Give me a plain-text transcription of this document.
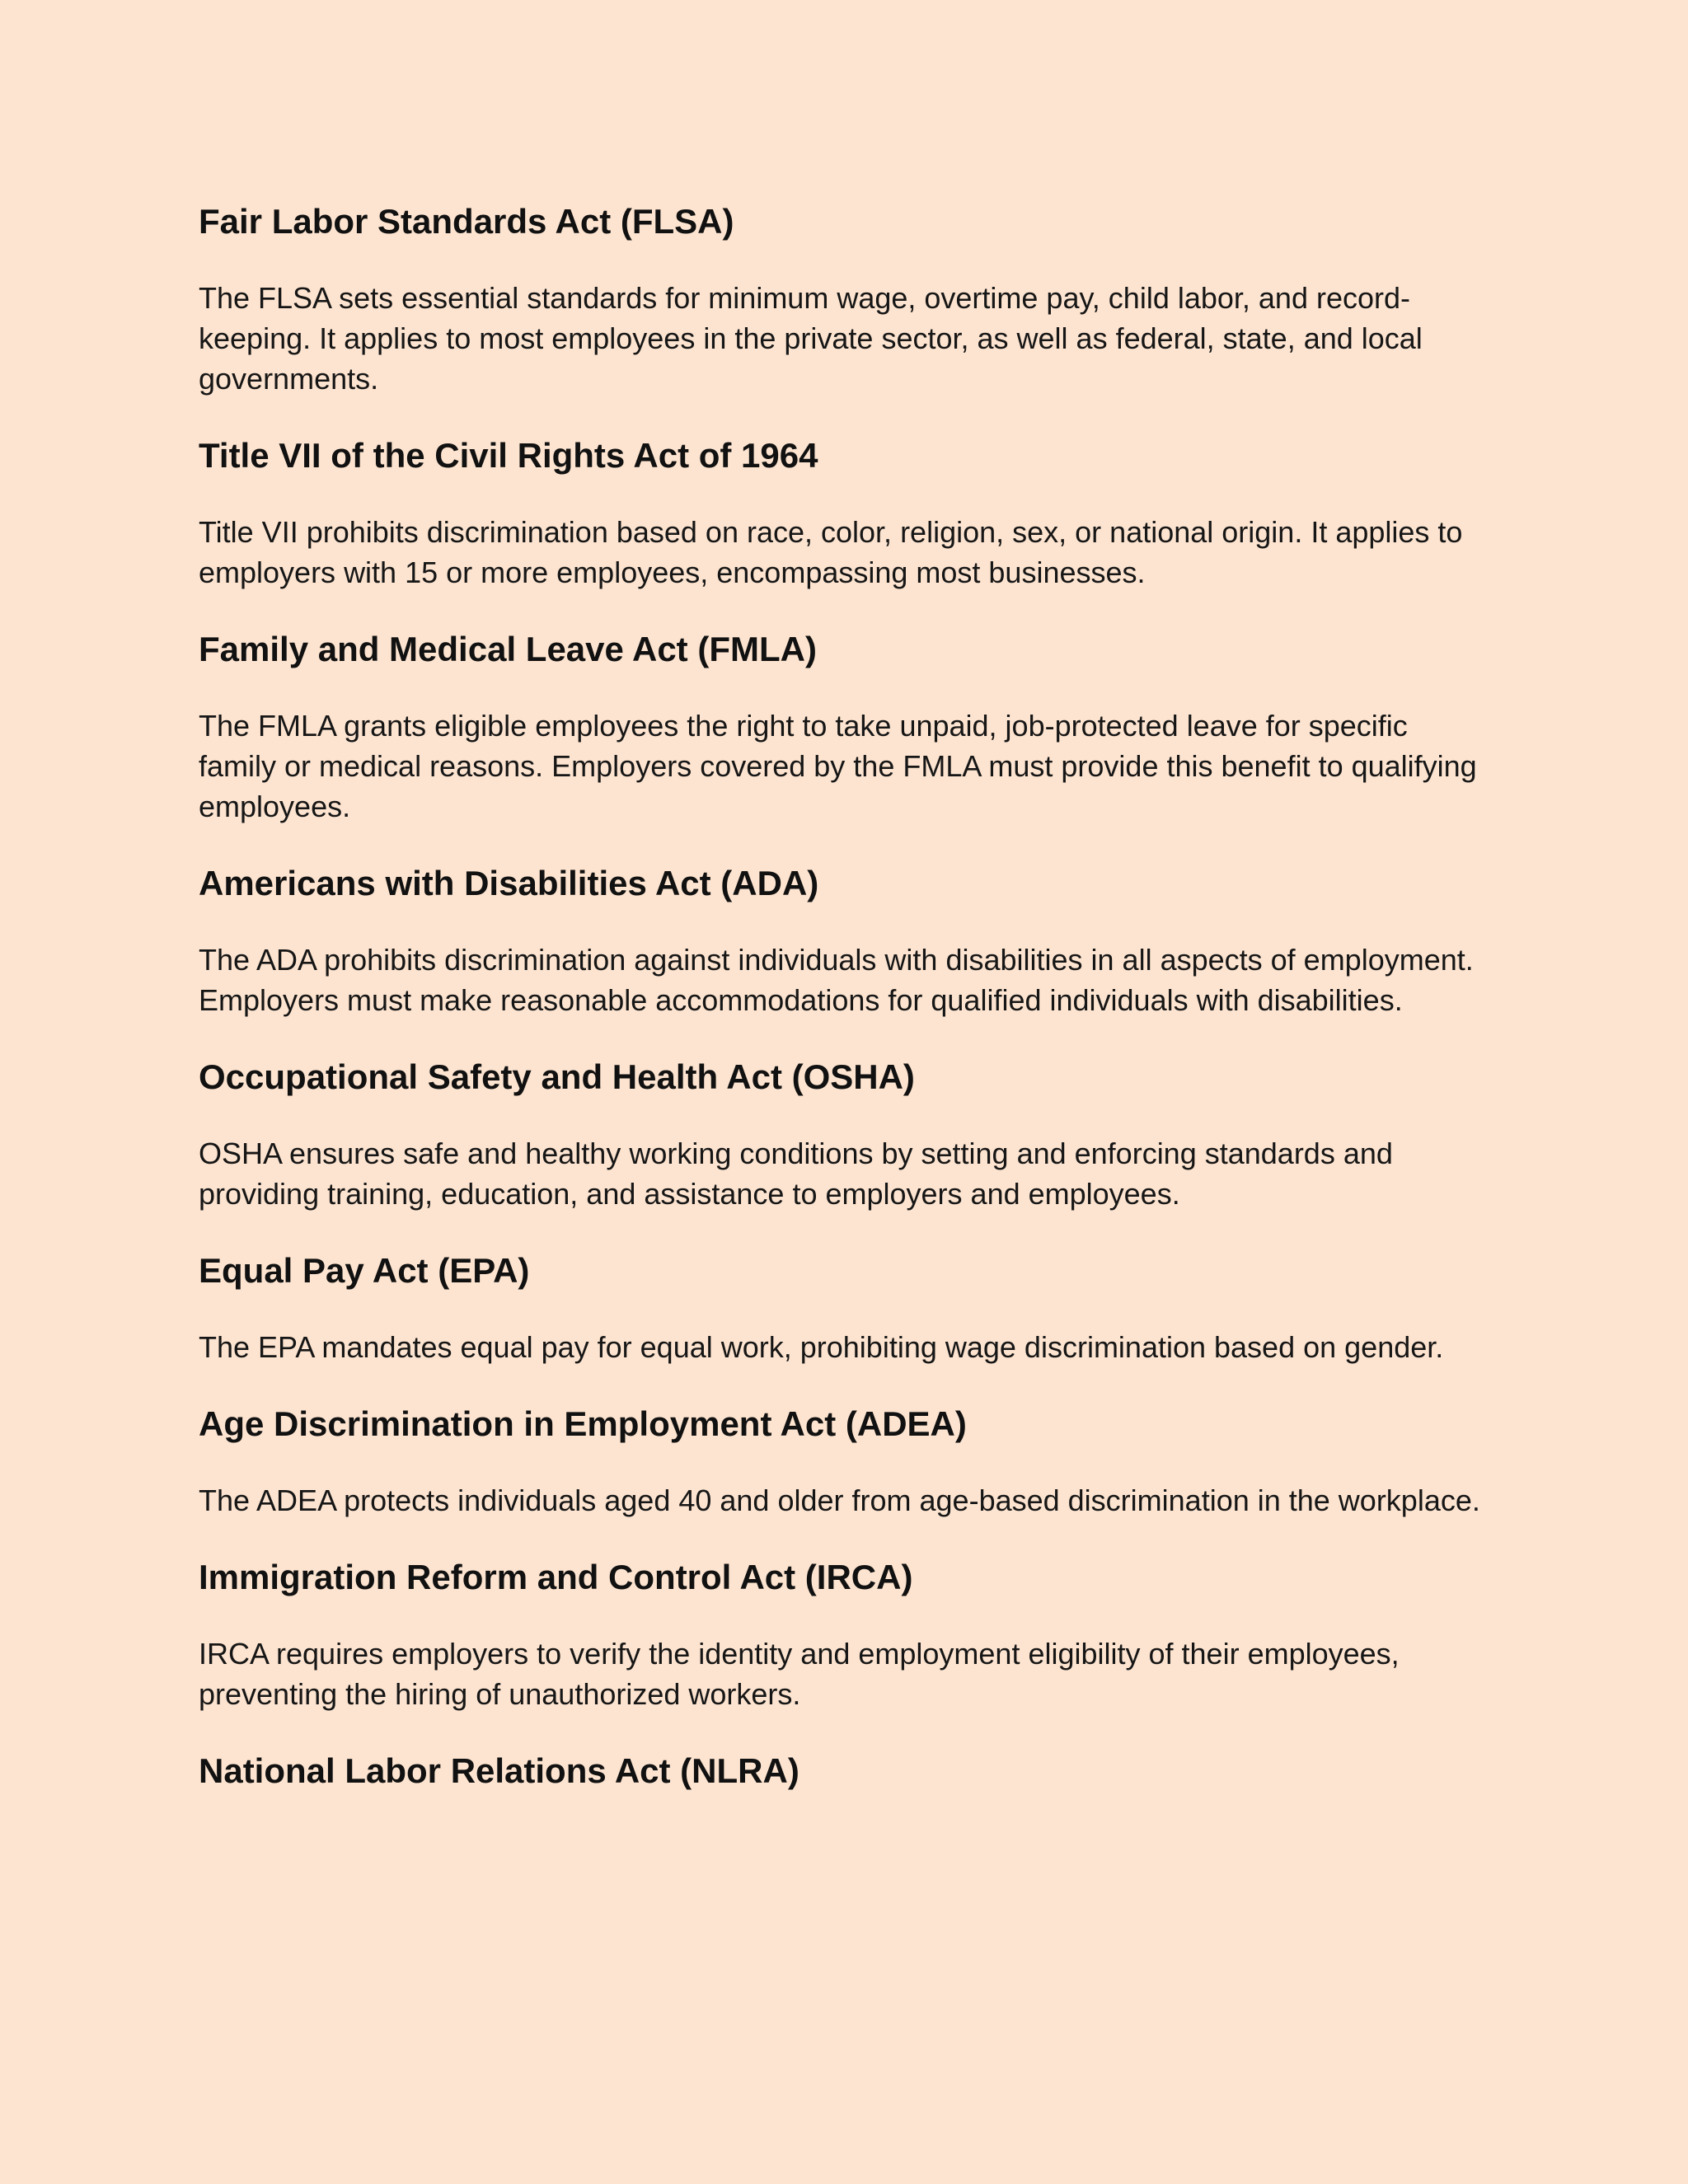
Fair Labor Standards Act (FLSA)

The FLSA sets essential standards for minimum wage, overtime pay, child labor, and record-keeping. It applies to most employees in the private sector, as well as federal, state, and local governments.

Title VII of the Civil Rights Act of 1964

Title VII prohibits discrimination based on race, color, religion, sex, or national origin. It applies to employers with 15 or more employees, encompassing most businesses.

Family and Medical Leave Act (FMLA)

The FMLA grants eligible employees the right to take unpaid, job-protected leave for specific family or medical reasons. Employers covered by the FMLA must provide this benefit to qualifying employees.

Americans with Disabilities Act (ADA)

The ADA prohibits discrimination against individuals with disabilities in all aspects of employment. Employers must make reasonable accommodations for qualified individuals with disabilities.

Occupational Safety and Health Act (OSHA)

OSHA ensures safe and healthy working conditions by setting and enforcing standards and providing training, education, and assistance to employers and employees.

Equal Pay Act (EPA)

The EPA mandates equal pay for equal work, prohibiting wage discrimination based on gender.

Age Discrimination in Employment Act (ADEA)

The ADEA protects individuals aged 40 and older from age-based discrimination in the workplace.

Immigration Reform and Control Act (IRCA)

IRCA requires employers to verify the identity and employment eligibility of their employees, preventing the hiring of unauthorized workers.

National Labor Relations Act (NLRA)
